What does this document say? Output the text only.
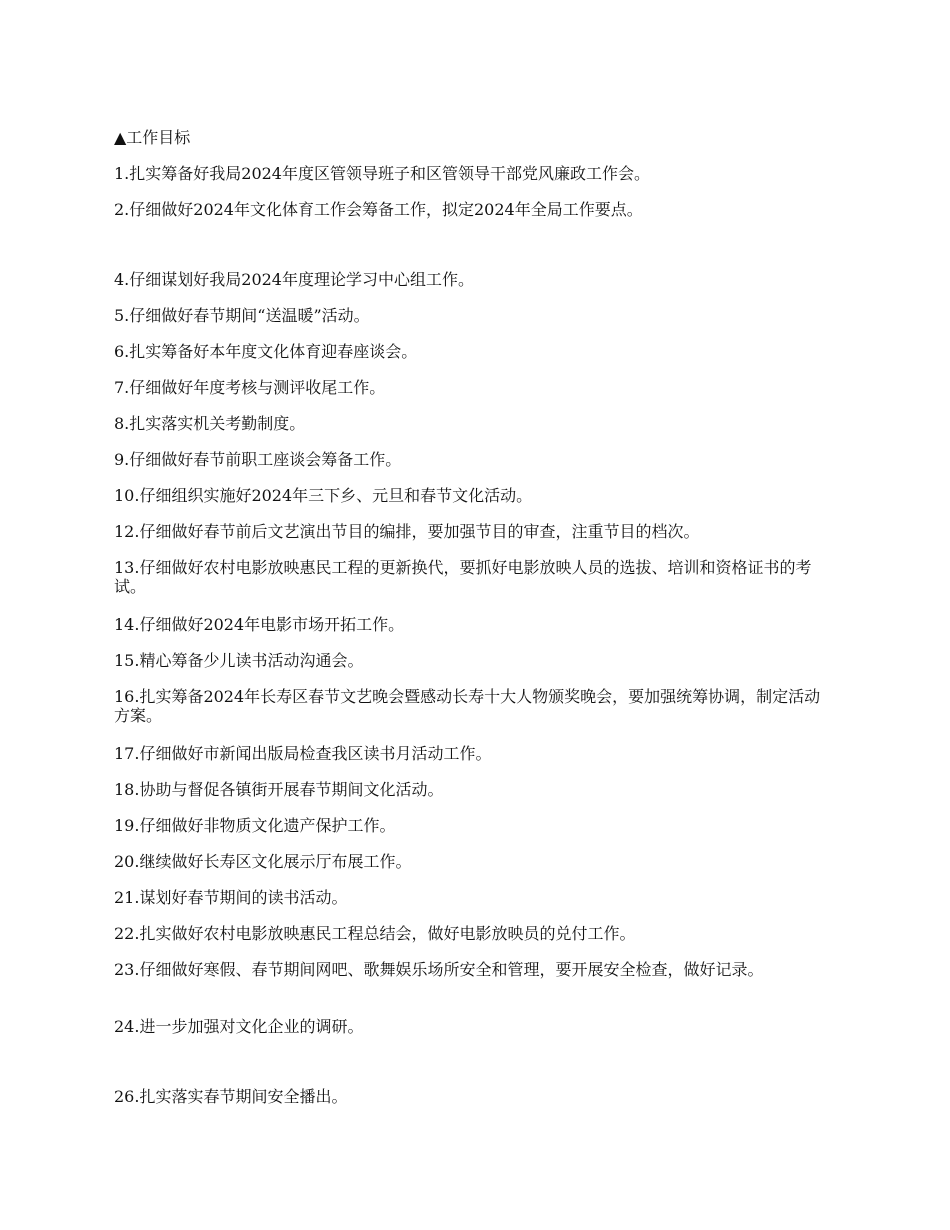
▲工作目标
1.扎实筹备好我局2024年度区管领导班子和区管领导干部党风廉政工作会。
2.仔细做好2024年文化体育工作会筹备工作，拟定2024年全局工作要点。
4.仔细谋划好我局2024年度理论学习中心组工作。
5.仔细做好春节期间“送温暖”活动。
6.扎实筹备好本年度文化体育迎春座谈会。
7.仔细做好年度考核与测评收尾工作。
8.扎实落实机关考勤制度。
9.仔细做好春节前职工座谈会筹备工作。
10.仔细组织实施好2024年三下乡、元旦和春节文化活动。
12.仔细做好春节前后文艺演出节目的编排，要加强节目的审查，注重节目的档次。
13.仔细做好农村电影放映惠民工程的更新换代，要抓好电影放映人员的选拔、培训和资格证书的考试。
14.仔细做好2024年电影市场开拓工作。
15.精心筹备少儿读书活动沟通会。
16.扎实筹备2024年长寿区春节文艺晚会暨感动长寿十大人物颁奖晚会，要加强统筹协调，制定活动方案。
17.仔细做好市新闻出版局检查我区读书月活动工作。
18.协助与督促各镇街开展春节期间文化活动。
19.仔细做好非物质文化遗产保护工作。
20.继续做好长寿区文化展示厅布展工作。
21.谋划好春节期间的读书活动。
22.扎实做好农村电影放映惠民工程总结会，做好电影放映员的兑付工作。
23.仔细做好寒假、春节期间网吧、歌舞娱乐场所安全和管理，要开展安全检查，做好记录。
24.进一步加强对文化企业的调研。
26.扎实落实春节期间安全播出。
